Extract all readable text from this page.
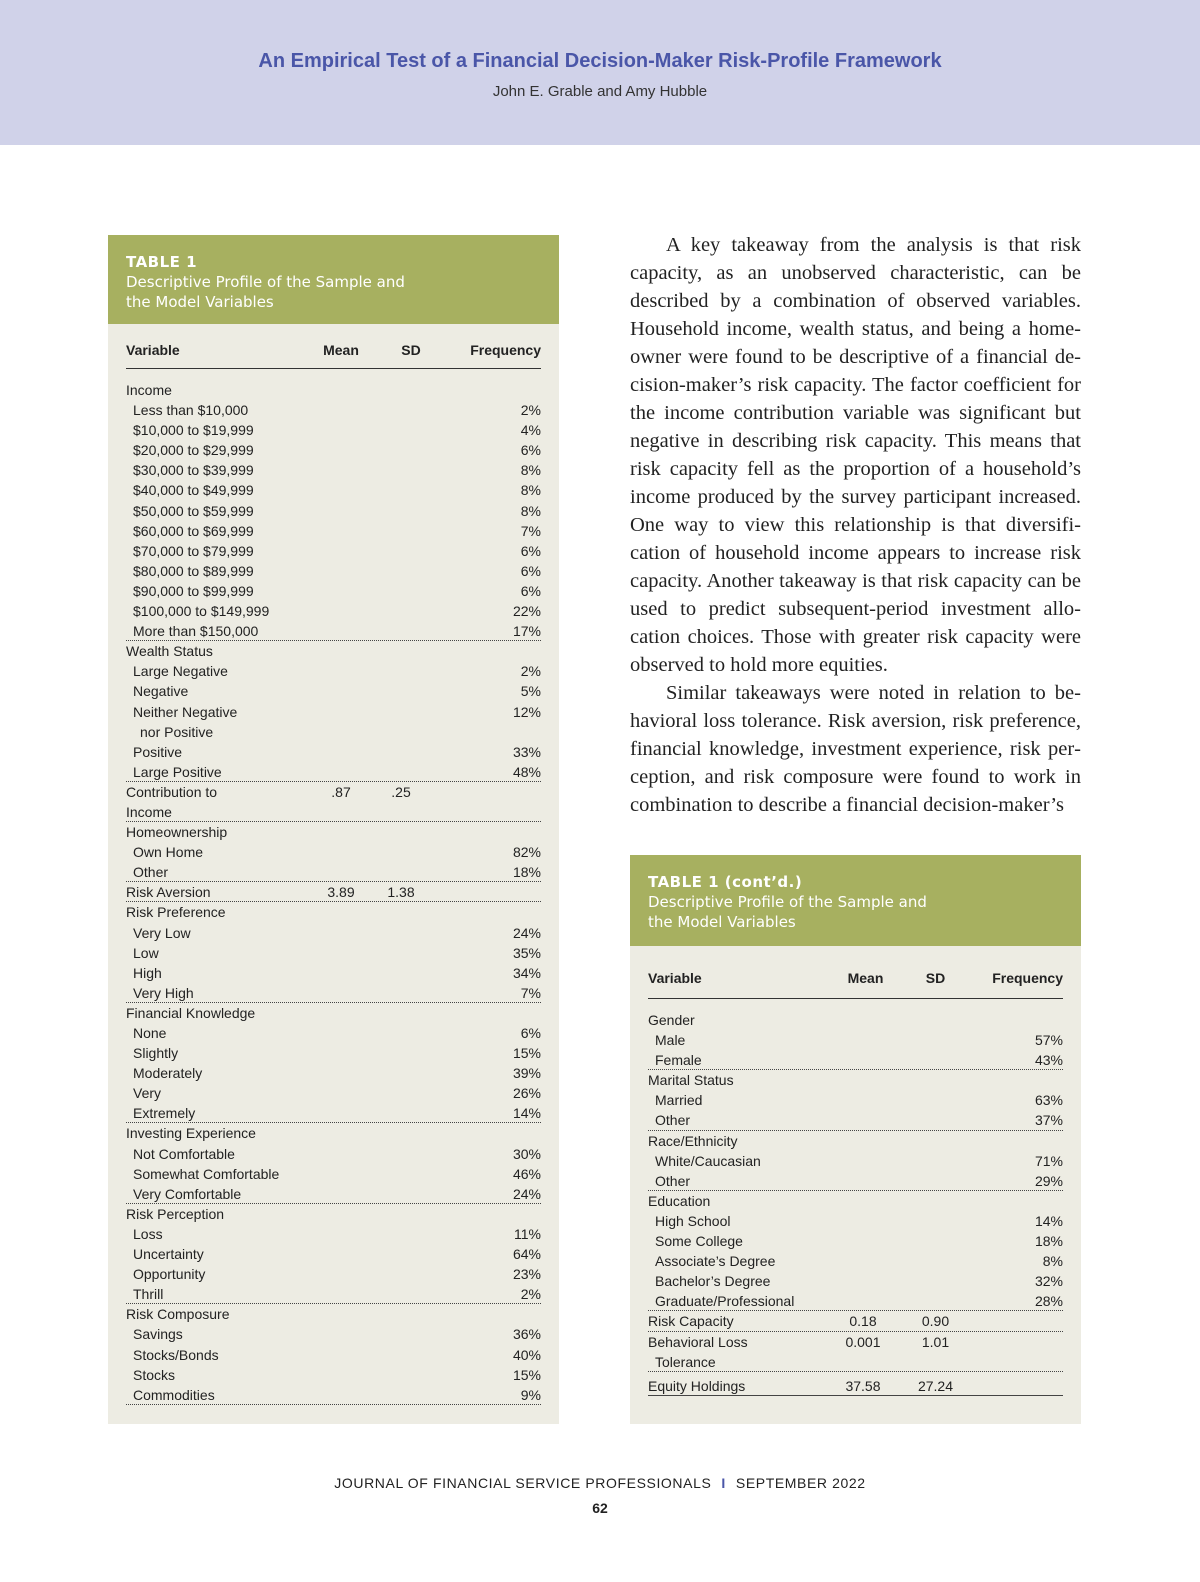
An Empirical Test of a Financial Decision-Maker Risk-Profile Framework
John E. Grable and Amy Hubble
TABLE 1
Descriptive Profile of the Sample and the Model Variables
Variable	Mean	SD	Frequency
Income
Less than $10,000	2%
$10,000 to $19,999	4%
$20,000 to $29,999	6%
$30,000 to $39,999	8%
$40,000 to $49,999	8%
$50,000 to $59,999	8%
$60,000 to $69,999	7%
$70,000 to $79,999	6%
$80,000 to $89,999	6%
$90,000 to $99,999	6%
$100,000 to $149,999	22%
More than $150,000	17%
Wealth Status
Large Negative	2%
Negative	5%
Neither Negative	12%
nor Positive
Positive	33%
Large Positive	48%
Contribution to	.87	.25
Income
Homeownership
Own Home	82%
Other	18%
Risk Aversion	3.89	1.38
Risk Preference
Very Low	24%
Low	35%
High	34%
Very High	7%
Financial Knowledge
None	6%
Slightly	15%
Moderately	39%
Very	26%
Extremely	14%
Investing Experience
Not Comfortable	30%
Somewhat Comfortable	46%
Very Comfortable	24%
Risk Perception
Loss	11%
Uncertainty	64%
Opportunity	23%
Thrill	2%
Risk Composure
Savings	36%
Stocks/Bonds	40%
Stocks	15%
Commodities	9%

A key takeaway from the analysis is that risk capacity, as an unobserved characteristic, can be described by a combination of observed variables. Household income, wealth status, and being a homeowner were found to be descriptive of a financial decision-maker’s risk capacity. The factor coefficient for the income contribution variable was significant but negative in describing risk capacity. This means that risk capacity fell as the proportion of a household’s income produced by the survey participant increased. One way to view this relationship is that diversification of household income appears to increase risk capacity. Another takeaway is that risk capacity can be used to predict subsequent-period investment allocation choices. Those with greater risk capacity were observed to hold more equities.

Similar takeaways were noted in relation to behavioral loss tolerance. Risk aversion, risk preference, financial knowledge, investment experience, risk perception, and risk composure were found to work in combination to describe a financial decision-maker’s

TABLE 1 (cont’d.)
Descriptive Profile of the Sample and the Model Variables
Variable	Mean	SD	Frequency
Gender
Male	57%
Female	43%
Marital Status
Married	63%
Other	37%
Race/Ethnicity
White/Caucasian	71%
Other	29%
Education
High School	14%
Some College	18%
Associate’s Degree	8%
Bachelor’s Degree	32%
Graduate/Professional	28%
Risk Capacity	0.18	0.90
Behavioral Loss	0.001	1.01
Tolerance
Equity Holdings	37.58	27.24
JOURNAL OF FINANCIAL SERVICE PROFESSIONALS I SEPTEMBER 2022
62
